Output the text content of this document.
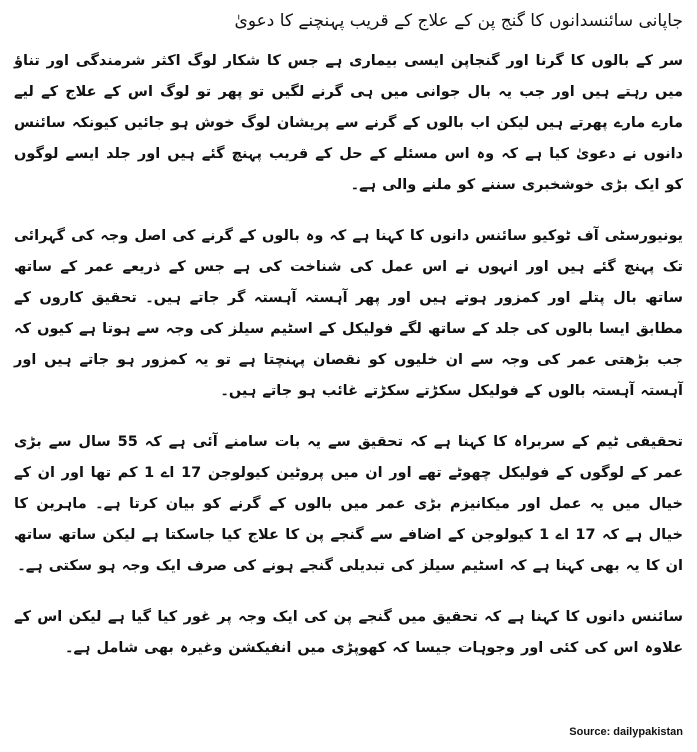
جاپانی سائنسدانوں کا گنج پن کے علاج کے قریب پہنچنے کا دعویٰ

سر کے بالوں کا گرنا اور گنجاپن ایسی بیماری ہے جس کا شکار لوگ اکثر شرمندگی اور تناؤ میں رہتے ہیں اور جب یہ بال جوانی میں ہی گرنے لگیں تو پھر تو لوگ اس کے علاج کے لیے مارے مارے پھرتے ہیں لیکن اب بالوں کے گرنے سے پریشان لوگ خوش ہو جائیں کیونکہ سائنس دانوں نے دعویٰ کیا ہے کہ وہ اس مسئلے کے حل کے قریب پہنچ گئے ہیں اور جلد ایسے لوگوں کو ایک بڑی خوشخبری سننے کو ملنے والی ہے۔

یونیورسٹی آف ٹوکیو سائنس دانوں کا کہنا ہے کہ وہ بالوں کے گرنے کی اصل وجہ کی گہرائی تک پہنچ گئے ہیں اور انہوں نے اس عمل کی شناخت کی ہے جس کے ذریعے عمر کے ساتھ ساتھ بال پتلے اور کمزور ہوتے ہیں اور پھر آہستہ آہستہ گر جاتے ہیں۔ تحقیق کاروں کے مطابق ایسا بالوں کی جلد کے ساتھ لگے فولیکل کے اسٹیم سیلز کی وجہ سے ہوتا ہے کیوں کہ جب بڑھتی عمر کی وجہ سے ان خلیوں کو نقصان پہنچتا ہے تو یہ کمزور ہو جاتے ہیں اور آہستہ آہستہ بالوں کے فولیکل سکڑتے سکڑتے غائب ہو جاتے ہیں۔

تحقیقی ٹیم کے سربراہ کا کہنا ہے کہ تحقیق سے یہ بات سامنے آئی ہے کہ 55 سال سے بڑی عمر کے لوگوں کے فولیکل چھوٹے تھے اور ان میں پروٹین کیولوجن 17 اے 1 کم تھا اور ان کے خیال میں یہ عمل اور میکانیزم بڑی عمر میں بالوں کے گرنے کو بیان کرتا ہے۔ ماہرین کا خیال ہے کہ 17 اے 1 کیولوجن کے اضافے سے گنجے پن کا علاج کیا جاسکتا ہے لیکن ساتھ ساتھ ان کا یہ بھی کہنا ہے کہ اسٹیم سیلز کی تبدیلی گنجے ہونے کی صرف ایک وجہ ہو سکتی ہے۔

سائنس دانوں کا کہنا ہے کہ تحقیق میں گنجے پن کی ایک وجہ پر غور کیا گیا ہے لیکن اس کے علاوہ اس کی کئی اور وجوہات جیسا کہ کھوپڑی میں انفیکشن وغیرہ بھی شامل ہے۔

Source: dailypakistan
